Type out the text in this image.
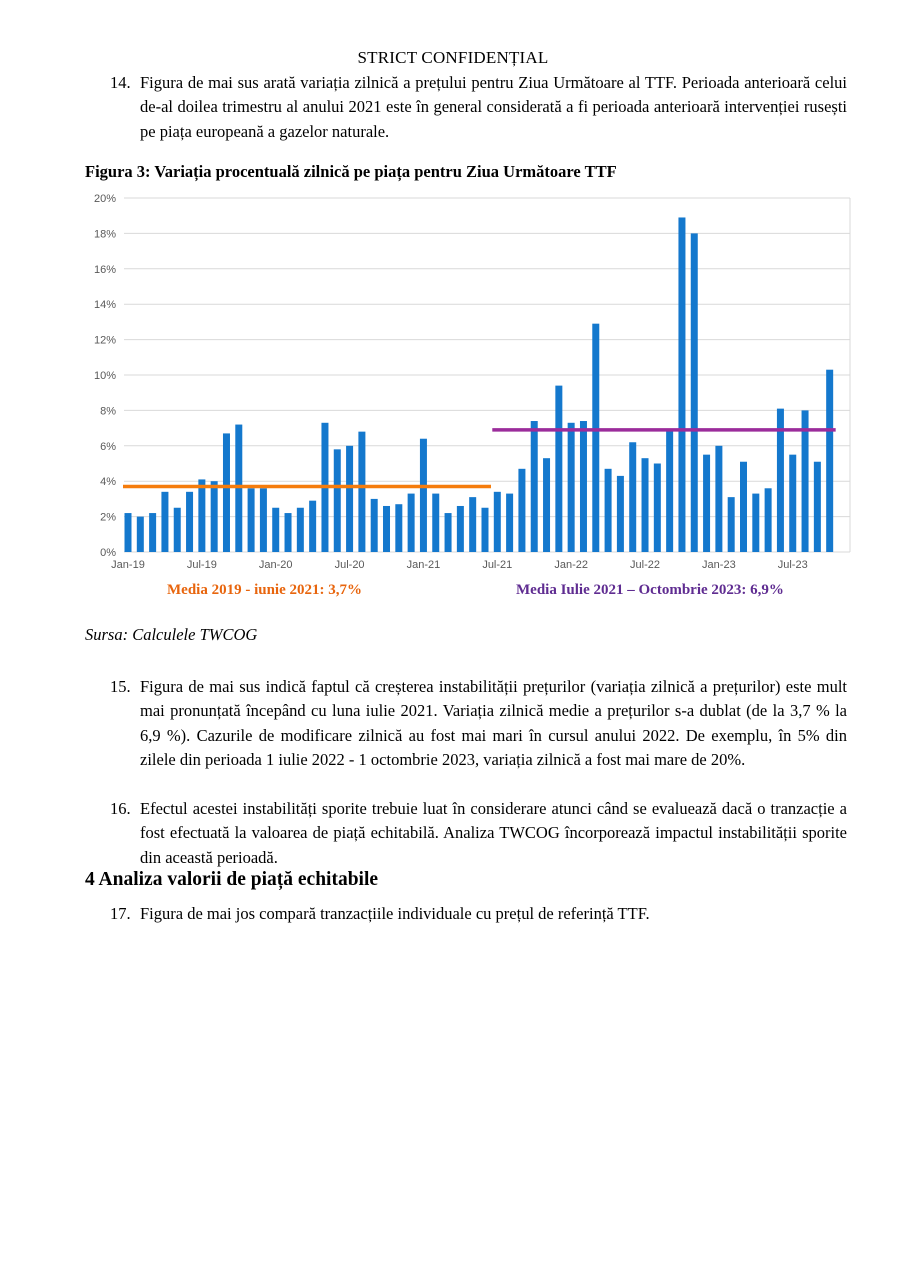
STRICT CONFIDENȚIAL
14. Figura de mai sus arată variația zilnică a prețului pentru Ziua Următoare al TTF. Perioada anterioară celui de-al doilea trimestru al anului 2021 este în general considerată a fi perioada anterioară intervenției rusești pe piața europeană a gazelor naturale.
Figura 3: Variația procentuală zilnică pe piața pentru Ziua Următoare TTF
0%
2%
4%
6%
8%
10%
12%
14%
16%
18%
20%
Jan-19	Jul-19	Jan-20	Jul-20	Jan-21	Jul-21	Jan-22	Jul-22	Jan-23	Jul-23
Media 2019 - iunie 2021: 3,7%	Media Iulie 2021 – Octombrie 2023: 6,9%
Sursa: Calculele TWCOG
15. Figura de mai sus indică faptul că creșterea instabilității prețurilor (variația zilnică a prețurilor) este mult mai pronunțată începând cu luna iulie 2021. Variația zilnică medie a prețurilor s-a dublat (de la 3,7 % la 6,9 %). Cazurile de modificare zilnică au fost mai mari în cursul anului 2022. De exemplu, în 5% din zilele din perioada 1 iulie 2022 - 1 octombrie 2023, variația zilnică a fost mai mare de 20%.
16. Efectul acestei instabilități sporite trebuie luat în considerare atunci când se evaluează dacă o tranzacție a fost efectuată la valoarea de piață echitabilă. Analiza TWCOG încorporează impactul instabilității sporite din această perioadă.
4 Analiza valorii de piață echitabile
17. Figura de mai jos compară tranzacțiile individuale cu prețul de referință TTF.
